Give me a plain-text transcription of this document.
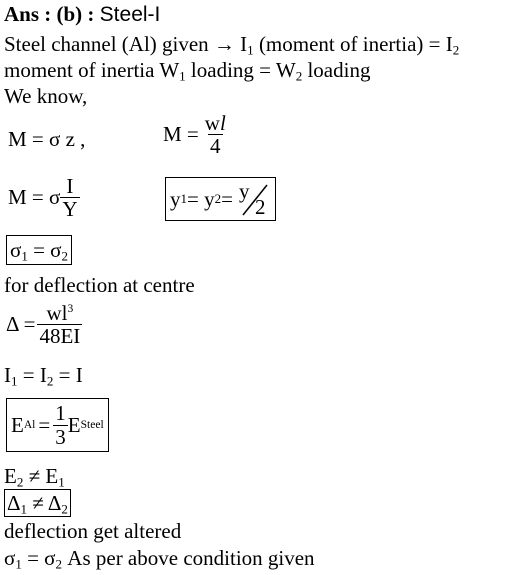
Ans : (b) : Steel-I
Steel channel (Al) given → $I_1$ (moment of inertia) = $I_2$
moment of inertia $W_1$ loading = $W_2$ loading
We know,
M = σ z ,	$M = \frac{wl}{4}$
M = σ $\frac{I}{Y}$	y 1 = y 2 = y
2
$\sigma_1 = \sigma_2$
for deflection at centre
$\Delta = \frac{wl^3}{48EI}$
$I_1 = I_2 = I$
E $Al = \frac{1}{3}$ E Steel
$E_2 \ne E_1$
$\Delta_1 \ne \Delta_2$
deflection get altered
$\sigma_1 = \sigma_2$ As per above condition given
